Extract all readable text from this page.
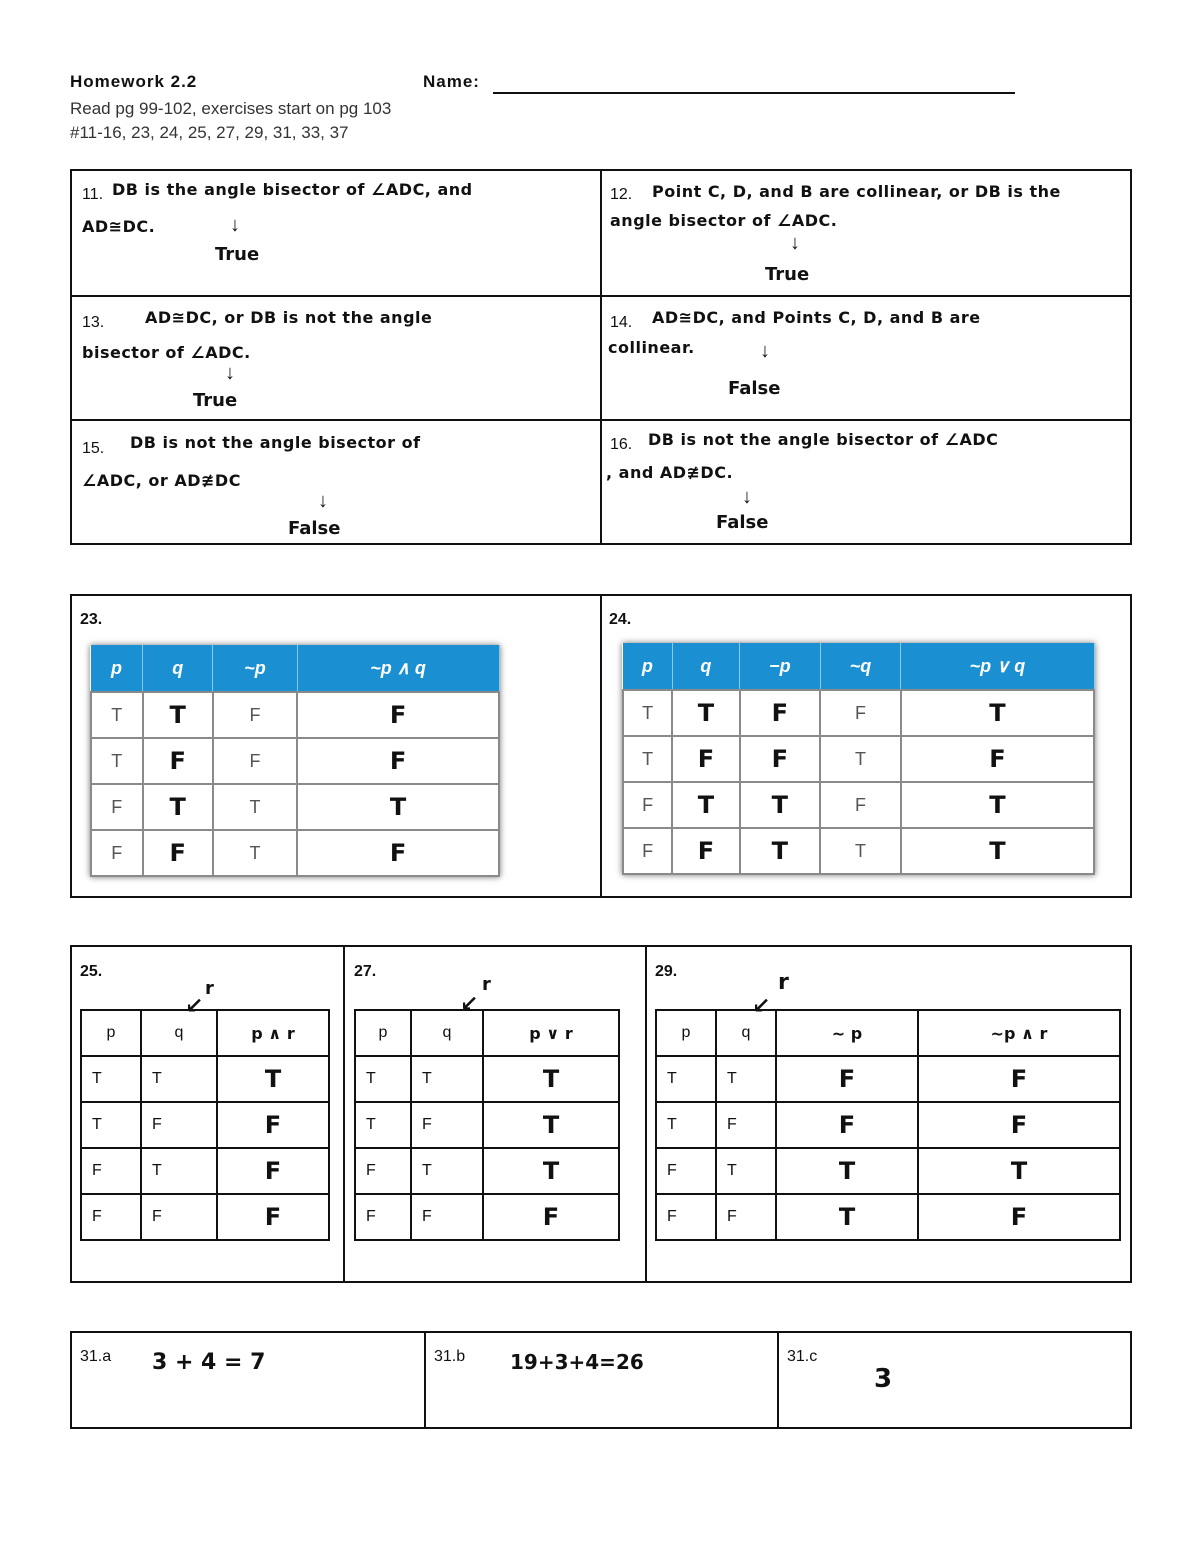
Homework 2.2	Name:
Read pg 99-102, exercises start on pg 103
#11-16, 23, 24, 25, 27, 29, 31, 33, 37
11. DB is the angle bisector of ∠ADC, and
AD≅DC.	↓
True
12. Point C, D, and B are collinear, or DB is the
angle bisector of ∠ADC.
↓
True
13.	AD≅DC, or DB is not the angle
bisector of ∠ADC.
↓
True
14. AD≅DC, and Points C, D, and B are
collinear.	↓
False
15. DB is not the angle bisector of
∠ADC, or AD≇DC
↓
False
16. DB is not the angle bisector of ∠ADC
, and AD≇DC.
↓
False
23.	24.
p	q	~p	~p ∧ q
T	T	F	F
T	F	F	F
F	T	T	T
F	F	T	F
p	q	−p	~q	~p ∨ q
T	T	F	F	T
T	F	F	T	F
F	T	T	F	T
F	F	T	T	T
25.	27.	29.
r
↙
r
↙
r
↙
p	q	p ∧ r
T	T	T
T	F	F
F	T	F
F	F	F
p	q	p ∨ r
T	T	T
T	F	T
F	T	T
F	F	F
p	q	~ p	~p ∧ r
T	T	F	F
T	F	F	F
F	T	T	T
F	F	T	F
31.a 3 + 4 = 7	31.b 19+3+4=26	31.c
3
